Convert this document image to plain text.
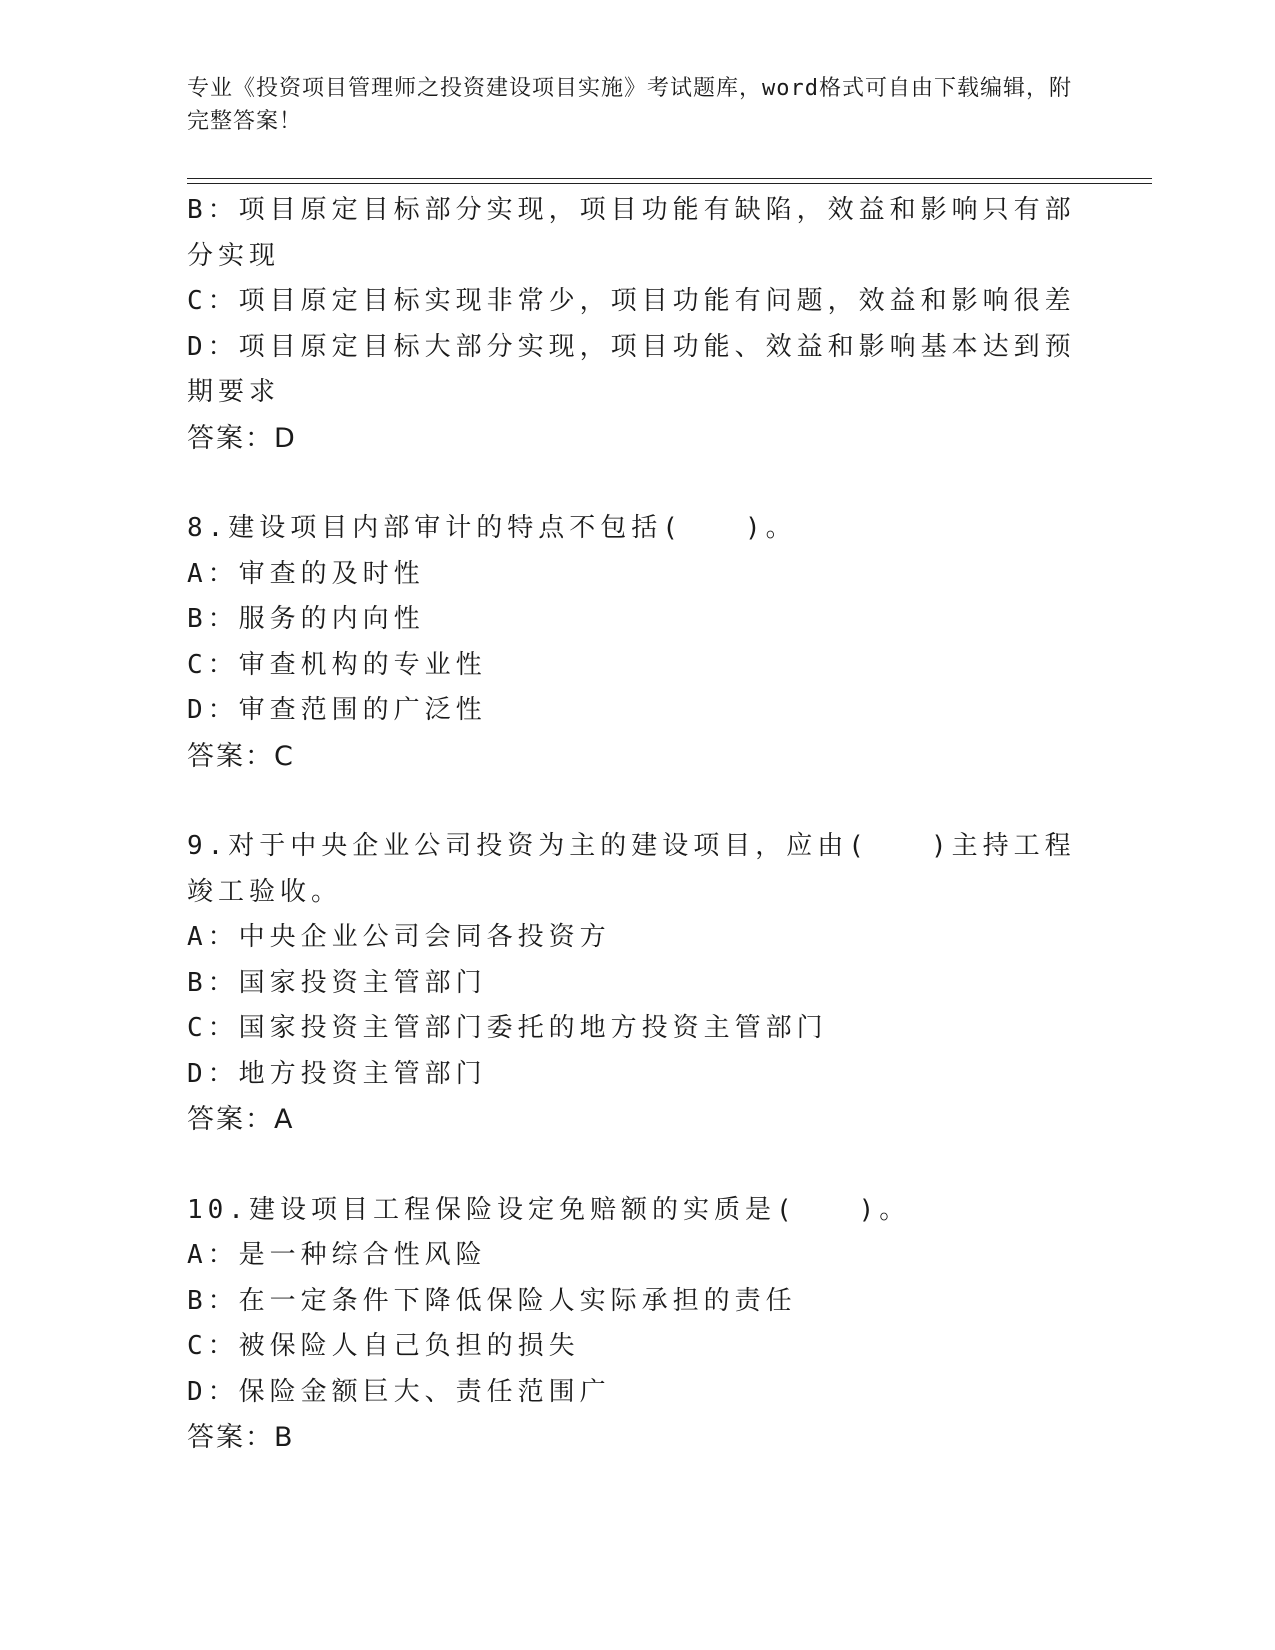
专业《投资项目管理师之投资建设项目实施》考试题库，word格式可自由下载编辑，附完整答案！
B：项目原定目标部分实现，项目功能有缺陷，效益和影响只有部分实现
C：项目原定目标实现非常少，项目功能有问题，效益和影响很差
D：项目原定目标大部分实现，项目功能、效益和影响基本达到预期要求
答案：D
8.建设项目内部审计的特点不包括(　　)。
A：审查的及时性
B：服务的内向性
C：审查机构的专业性
D：审查范围的广泛性
答案：C
9.对于中央企业公司投资为主的建设项目，应由(　　)主持工程竣工验收。
A：中央企业公司会同各投资方
B：国家投资主管部门
C：国家投资主管部门委托的地方投资主管部门
D：地方投资主管部门
答案：A
10.建设项目工程保险设定免赔额的实质是(　　)。
A：是一种综合性风险
B：在一定条件下降低保险人实际承担的责任
C：被保险人自己负担的损失
D：保险金额巨大、责任范围广
答案：B
